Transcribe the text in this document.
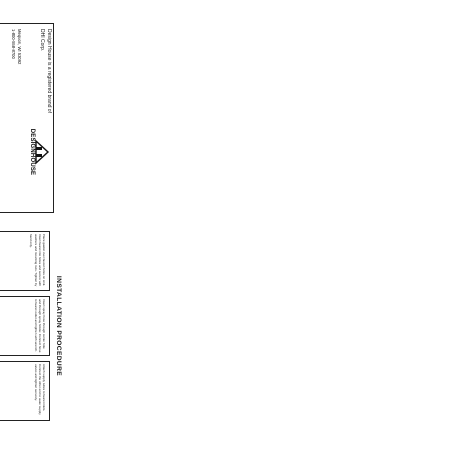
DESIGNHOUSE
Design House is a registered brand of DHI Corp.
Mequon, WI 53092
1-800-558-8700

INSTALLATION PROCEDURE
Place gasket over faucet holes on sink. Insert faucet into holes and secure with washers and mounting nuts. Tighten by hand only.
Insert spray hose through center hole and through spray holder. Connect hose to faucet outlet and tighten with wrench.
Attach supply tubes to faucet inlets. Connect the other end to water supply valves and tighten securely.
